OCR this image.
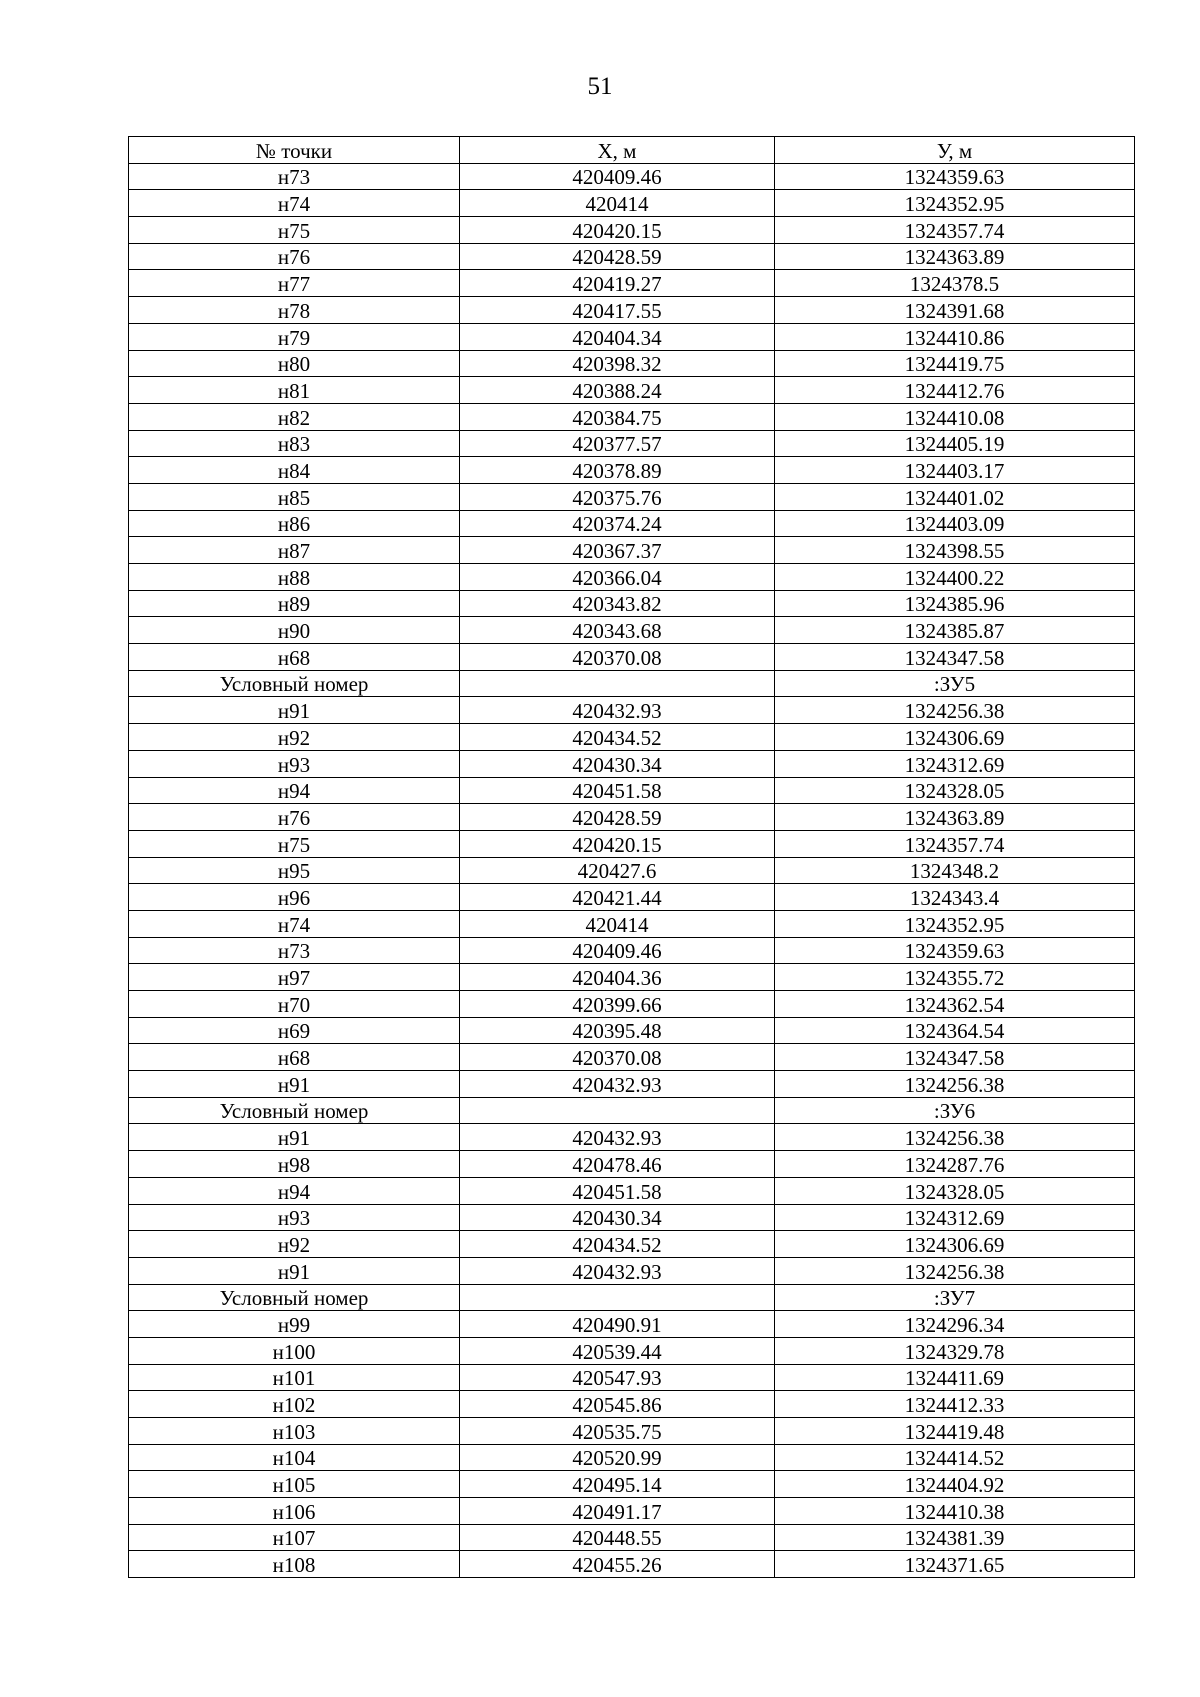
51
№ точки	X, м	У, м
н73	420409.46	1324359.63
н74	420414	1324352.95
н75	420420.15	1324357.74
н76	420428.59	1324363.89
н77	420419.27	1324378.5
н78	420417.55	1324391.68
н79	420404.34	1324410.86
н80	420398.32	1324419.75
н81	420388.24	1324412.76
н82	420384.75	1324410.08
н83	420377.57	1324405.19
н84	420378.89	1324403.17
н85	420375.76	1324401.02
н86	420374.24	1324403.09
н87	420367.37	1324398.55
н88	420366.04	1324400.22
н89	420343.82	1324385.96
н90	420343.68	1324385.87
н68	420370.08	1324347.58
Условный номер		:ЗУ5
н91	420432.93	1324256.38
н92	420434.52	1324306.69
н93	420430.34	1324312.69
н94	420451.58	1324328.05
н76	420428.59	1324363.89
н75	420420.15	1324357.74
н95	420427.6	1324348.2
н96	420421.44	1324343.4
н74	420414	1324352.95
н73	420409.46	1324359.63
н97	420404.36	1324355.72
н70	420399.66	1324362.54
н69	420395.48	1324364.54
н68	420370.08	1324347.58
н91	420432.93	1324256.38
Условный номер		:ЗУ6
н91	420432.93	1324256.38
н98	420478.46	1324287.76
н94	420451.58	1324328.05
н93	420430.34	1324312.69
н92	420434.52	1324306.69
н91	420432.93	1324256.38
Условный номер		:ЗУ7
н99	420490.91	1324296.34
н100	420539.44	1324329.78
н101	420547.93	1324411.69
н102	420545.86	1324412.33
н103	420535.75	1324419.48
н104	420520.99	1324414.52
н105	420495.14	1324404.92
н106	420491.17	1324410.38
н107	420448.55	1324381.39
н108	420455.26	1324371.65
